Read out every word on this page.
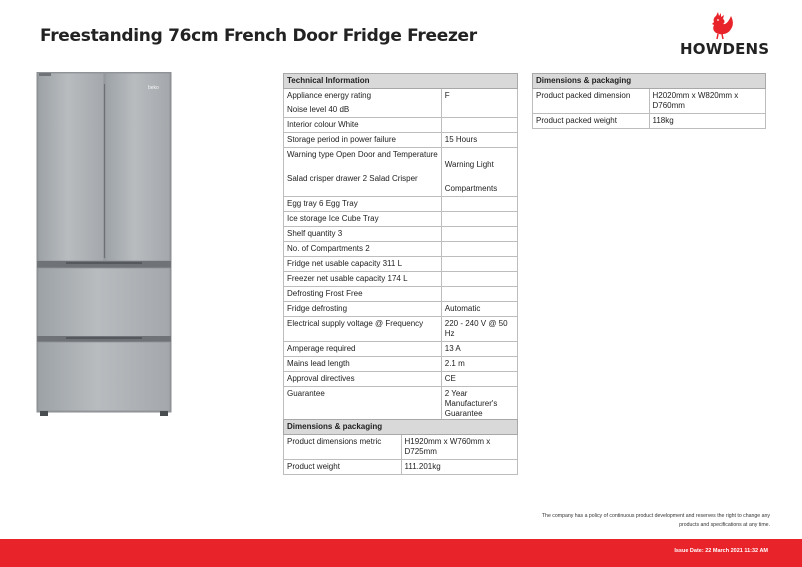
Freestanding 76cm French Door Fridge Freezer
HOWDENS
beko
Technical Information	
Appliance energy rating	F
Noise level 40 dB	
Interior colour White	
Storage period in power failure	15 Hours
Warning type Open Door and Temperature	Warning Light
Salad crisper drawer 2 Salad Crisper	Compartments
Egg tray 6 Egg Tray	
Ice storage Ice Cube Tray	
Shelf quantity 3	
No. of Compartments 2	
Fridge net usable capacity 311 L	
Freezer net usable capacity 174 L	
Defrosting Frost Free	
Fridge defrosting	Automatic
Electrical supply voltage @ Frequency	220 - 240 V @ 50 Hz
Amperage required	13 A
Mains lead length	2.1 m
Approval directives	CE
Guarantee	2 Year Manufacturer's Guarantee
Dimensions & packaging	
Product dimensions metric	H1920mm x W760mm x D725mm
Product weight	111.201kg
Dimensions & packaging	
Product packed dimension	H2020mm x W820mm x D760mm
Product packed weight	118kg
The company has a policy of continuous product development and reserves the right to change any products and specifications at any time.
Issue Date: 22 March 2021 11:32 AM
